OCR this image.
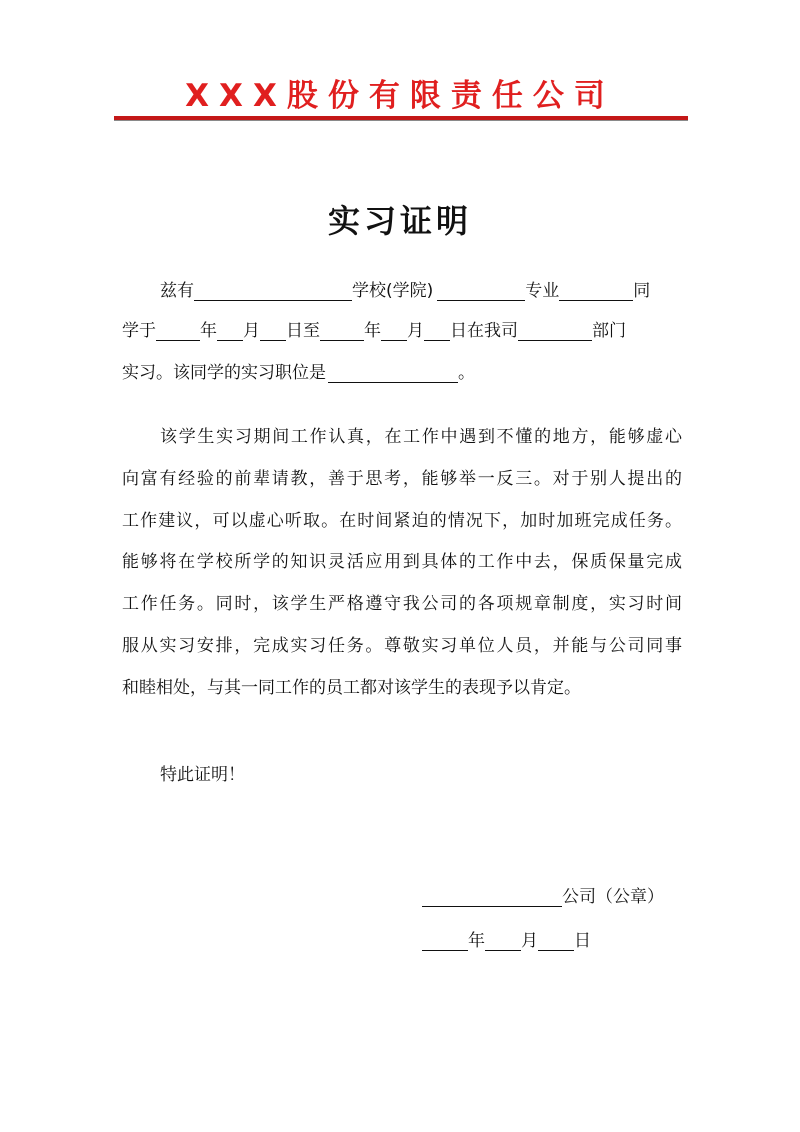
XXX股份有限责任公司
实习证明
兹有	学校(学院)	专业	同
学于	年 月 日至	年 月 日在我司	部门
实习。该同学的实习职位是	。
该学生实习期间工作认真，在工作中遇到不懂的地方，能够虚心
向富有经验的前辈请教，善于思考，能够举一反三。对于别人提出的
工作建议，可以虚心听取。在时间紧迫的情况下，加时加班完成任务。
能够将在学校所学的知识灵活应用到具体的工作中去，保质保量完成
工作任务。同时，该学生严格遵守我公司的各项规章制度，实习时间
服从实习安排，完成实习任务。尊敬实习单位人员，并能与公司同事
和睦相处，与其一同工作的员工都对该学生的表现予以肯定。
特此证明！
公司（公章）
年 月 日
